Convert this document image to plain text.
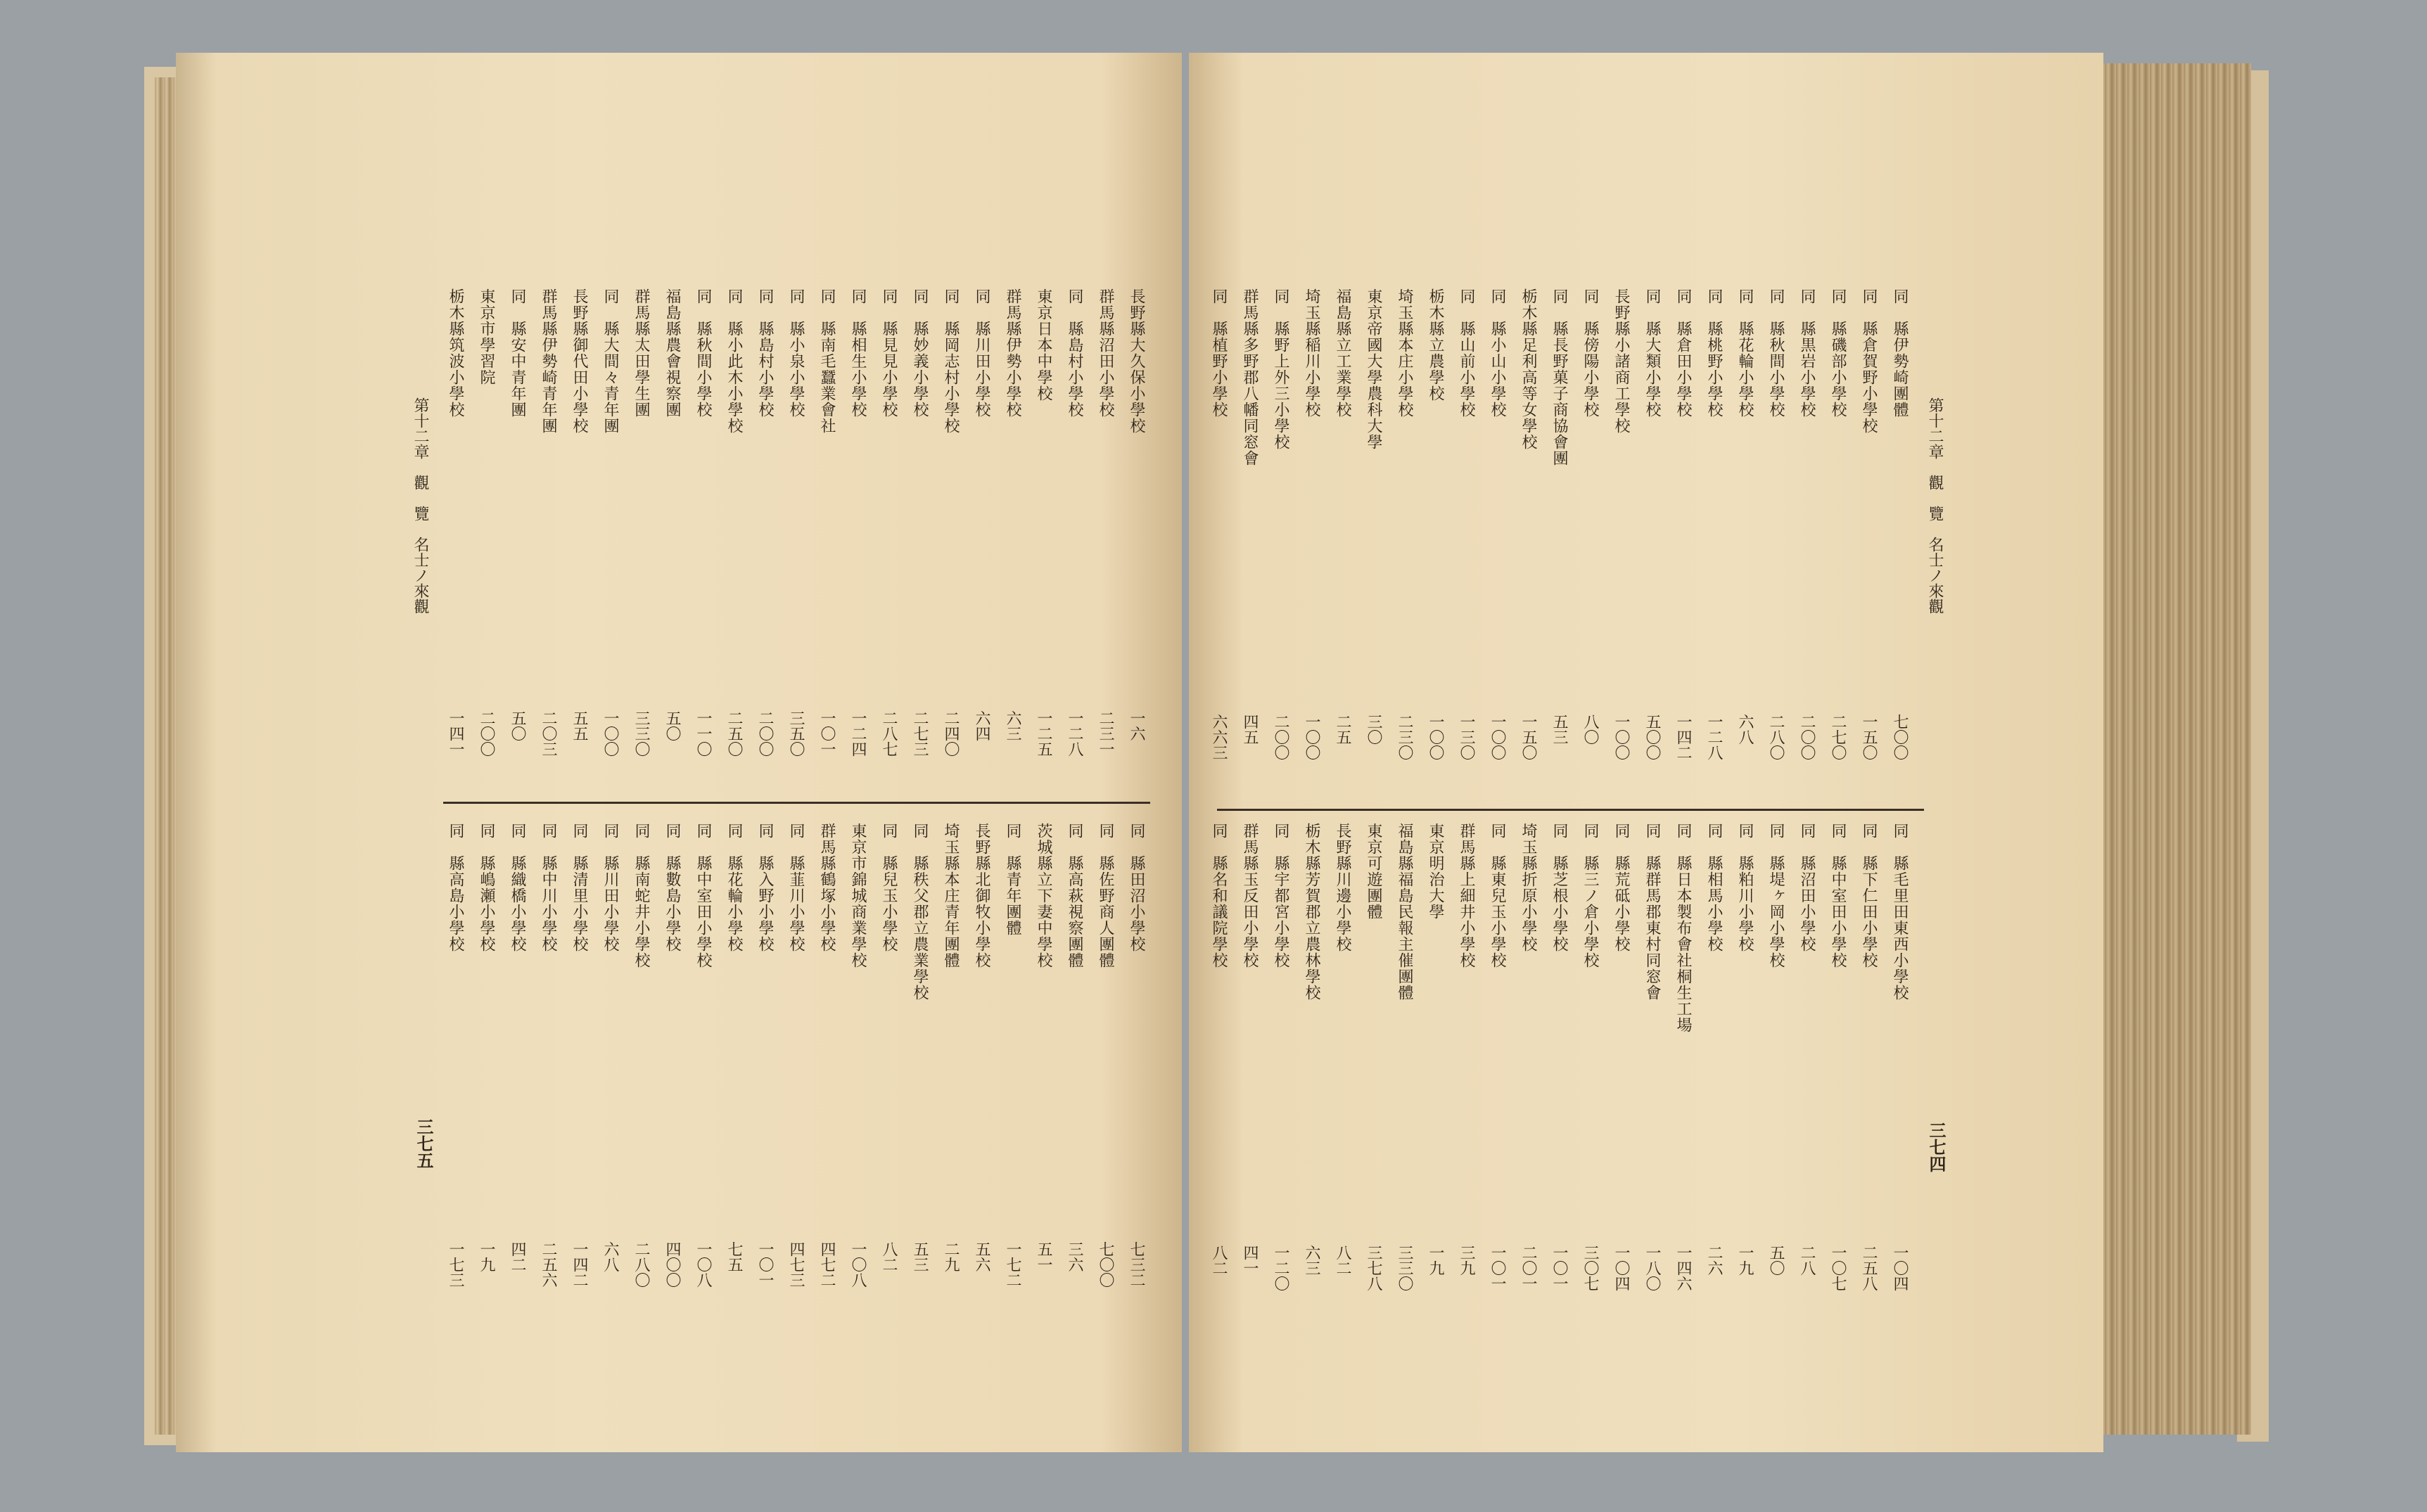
第十二章　觀　覽　名士ノ來觀
三七五
長野縣大久保小學校
群馬縣沼田小學校
同　縣島村小學校
東京日本中學校
群馬縣伊勢小學校
同　縣川田小學校
同　縣岡志村小學校
同　縣妙義小學校
同　縣見見小學校
同　縣相生小學校
同　縣南毛蠶業會社
同　縣小泉小學校
同　縣島村小學校
同　縣小此木小學校
同　縣秋間小學校
福島縣農會視察團
群馬縣太田學生團
同　縣大間々青年團
長野縣御代田小學校
群馬縣伊勢崎青年團
同　縣安中青年團
東京市學習院
栃木縣筑波小學校
一六
二三一
一二八
一二五
六三
六四
二四〇
二七三
二八七
一二四
一〇一
三五〇
二〇〇
二五〇
一一〇
五〇
三三〇
一〇〇
五五
二〇三
五〇
二〇〇
一四一
同　縣田沼小學校
同　縣佐野商人團體
同　縣高萩視察團體
茨城縣立下妻中學校
同　縣青年團體
長野縣北御牧小學校
埼玉縣本庄青年團體
同　縣秩父郡立農業學校
同　縣兒玉小學校
東京市錦城商業學校
群馬縣鶴塚小學校
同　縣韮川小學校
同　縣入野小學校
同　縣花輪小學校
同　縣中室田小學校
同　縣數島小學校
同　縣南蛇井小學校
同　縣川田小學校
同　縣清里小學校
同　縣中川小學校
同　縣織橋小學校
同　縣嶋瀬小學校
同　縣高島小學校
七三二
七〇〇
三六
五一
一七二
五六
二九
五三
八二
一〇八
四七二
四七三
一〇一
七五
一〇八
四〇〇
二八〇
六八
一四二
二五六
四二
一九
一七三
第十二章　觀　覽　名士ノ來觀
三七四
同　縣伊勢崎團體
同　縣倉賀野小學校
同　縣磯部小學校
同　縣黒岩小學校
同　縣秋間小學校
同　縣花輪小學校
同　縣桃野小學校
同　縣倉田小學校
同　縣大類小學校
長野縣小諸商工學校
同　縣傍陽小學校
同　縣長野菓子商協會團
栃木縣足利高等女學校
同　縣小山小學校
同　縣山前小學校
栃木縣立農學校
埼玉縣本庄小學校
東京帝國大學農科大學
福島縣立工業學校
埼玉縣稲川小學校
同　縣野上外三小學校
群馬縣多野郡八幡同窓會
同　縣植野小學校
七〇〇
一五〇
二七〇
二〇〇
二八〇
六八
一二八
一四二
五〇〇
一〇〇
八〇
五三
一五〇
一〇〇
一三〇
一〇〇
二三〇
三〇
二五
一〇〇
二〇〇
四五
六六三
同　縣毛里田東西小學校
同　縣下仁田小學校
同　縣中室田小學校
同　縣沼田小學校
同　縣堤ヶ岡小學校
同　縣粕川小學校
同　縣相馬小學校
同　縣日本製布會社桐生工場
同　縣群馬郡東村同窓會
同　縣荒砥小學校
同　縣三ノ倉小學校
同　縣芝根小學校
埼玉縣折原小學校
同　縣東兒玉小學校
群馬縣上細井小學校
東京明治大學
福島縣福島民報主催團體
東京可遊團體
長野縣川邊小學校
栃木縣芳賀郡立農林學校
同　縣宇都宮小學校
群馬縣玉反田小學校
同　縣名和議院學校
一〇四
二五八
一〇七
二八
五〇
一九
二六
一四六
一八〇
一〇四
三〇七
一〇一
二〇一
一〇一
三九
一九
三三〇
三七八
八二
六三
一二〇
四一
八二
